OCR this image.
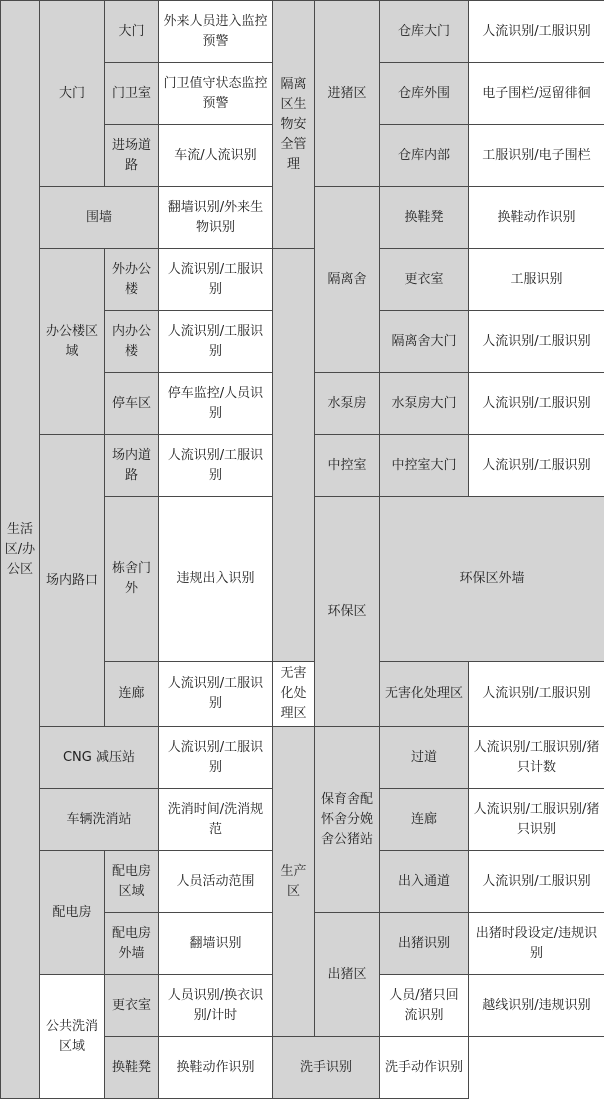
生活区/办公区	大门	大门	外来人员进入监控预警	隔离区生物安全管理	进猪区	仓库大门	人流识别/工服识别	
		门卫室	门卫值守状态监控预警			仓库外围	电子围栏/逗留徘徊	
		进场道路	车流/人流识别			仓库内部	工服识别/电子围栏	
	围墙		翻墙识别/外来生物识别		隔离舍	换鞋凳	换鞋动作识别	
	办公楼区域	外办公楼	人流识别/工服识别			更衣室	工服识别	
		内办公楼	人流识别/工服识别			隔离舍大门	人流识别/工服识别	
		停车区	停车监控/人员识别		水泵房	水泵房大门	人流识别/工服识别	
	场内路口	场内道路	人流识别/工服识别		中控室	中控室大门	人流识别/工服识别	
		栋舍门外	违规出入识别		环保区	环保区外墙	
		连廊	人流识别/工服识别	无害化处理区		无害化处理区	人流识别/工服识别	
	CNG 减压站		人流识别/工服识别	生产区	保育舍配怀舍分娩舍公猪站	过道	人流识别/工服识别/猪只计数	
	车辆洗消站		洗消时间/洗消规范			连廊	人流识别/工服识别/猪只识别	
	配电房	配电房区域	人员活动范围			出入通道	人流识别/工服识别	
		配电房外墙	翻墙识别		出猪区	出猪识别	出猪时段设定/违规识别	
	公共洗消区域	更衣室	人员识别/换衣识别/计时			人员/猪只回流识别	越线识别/违规识别	
		换鞋凳	换鞋动作识别	洗手识别		洗手动作识别		
